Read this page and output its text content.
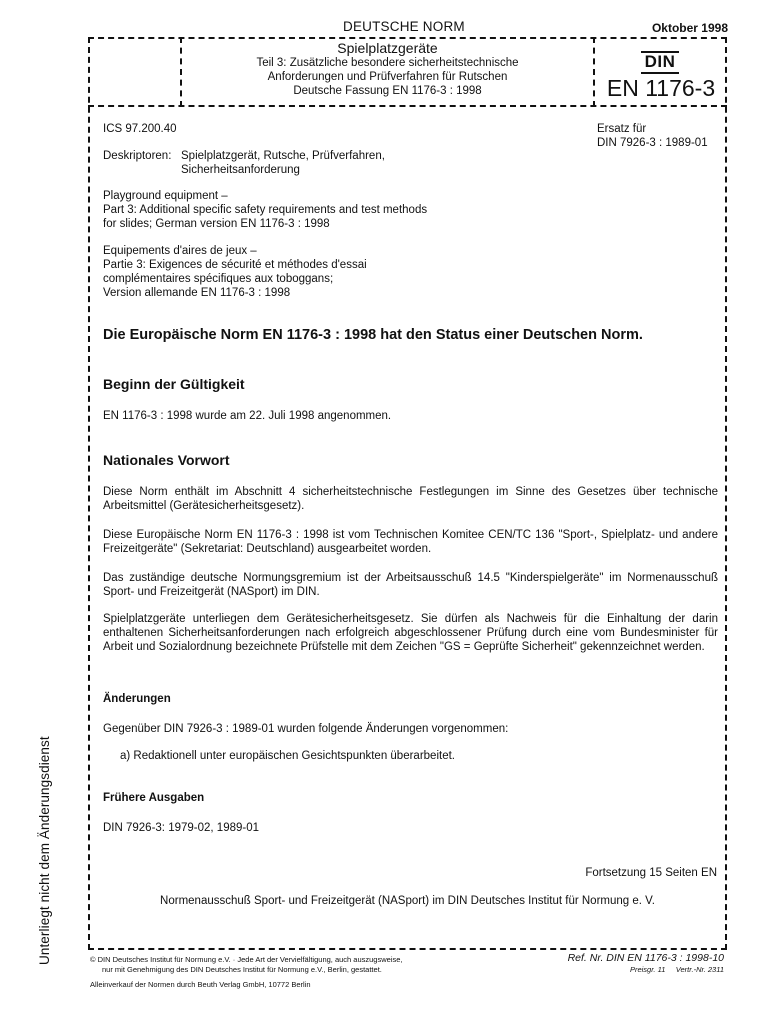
DEUTSCHE NORM	Oktober 1998
Spielplatzgeräte
Teil 3: Zusätzliche besondere sicherheitstechnische
Anforderungen und Prüfverfahren für Rutschen
Deutsche Fassung EN 1176-3 : 1998
DIN
EN 1176-3
ICS 97.200.40	Ersatz für
DIN 7926-3 : 1989-01
Deskriptoren: Spielplatzgerät, Rutsche, Prüfverfahren,
Sicherheitsanforderung
Playground equipment –
Part 3: Additional specific safety requirements and test methods
for slides; German version EN 1176-3 : 1998
Equipements d'aires de jeux –
Partie 3: Exigences de sécurité et méthodes d'essai
complémentaires spécifiques aux toboggans;
Version allemande EN 1176-3 : 1998
Die Europäische Norm EN 1176-3 : 1998 hat den Status einer Deutschen Norm.
Beginn der Gültigkeit
EN 1176-3 : 1998 wurde am 22. Juli 1998 angenommen.
Nationales Vorwort
Diese Norm enthält im Abschnitt 4 sicherheitstechnische Festlegungen im Sinne des Gesetzes über technische Arbeitsmittel (Gerätesicherheitsgesetz).
Diese Europäische Norm EN 1176-3 : 1998 ist vom Technischen Komitee CEN/TC 136 "Sport-, Spielplatz- und andere Freizeitgeräte" (Sekretariat: Deutschland) ausgearbeitet worden.
Das zuständige deutsche Normungsgremium ist der Arbeitsausschuß 14.5 "Kinderspielgeräte" im Normenausschuß Sport- und Freizeitgerät (NASport) im DIN.
Spielplatzgeräte unterliegen dem Gerätesicherheitsgesetz. Sie dürfen als Nachweis für die Einhaltung der darin enthaltenen Sicherheitsanforderungen nach erfolgreich abgeschlossener Prüfung durch eine vom Bundesminister für Arbeit und Sozialordnung bezeichnete Prüfstelle mit dem Zeichen "GS = Geprüfte Sicherheit" gekennzeichnet werden.
Änderungen
Gegenüber DIN 7926-3 : 1989-01 wurden folgende Änderungen vorgenommen:
a) Redaktionell unter europäischen Gesichtspunkten überarbeitet.
Frühere Ausgaben
DIN 7926-3: 1979-02, 1989-01
Fortsetzung 15 Seiten EN
Normenausschuß Sport- und Freizeitgerät (NASport) im DIN Deutsches Institut für Normung e. V.
Unterliegt nicht dem Änderungsdienst	© DIN Deutsches Institut für Normung e.V. · Jede Art der Vervielfältigung, auch auszugsweise,
nur mit Genehmigung des DIN Deutsches Institut für Normung e.V., Berlin, gestattet.
Ref. Nr. DIN EN 1176-3 : 1998-10
Preisgr. 11     Vertr.-Nr. 2311
Alleinverkauf der Normen durch Beuth Verlag GmbH, 10772 Berlin
